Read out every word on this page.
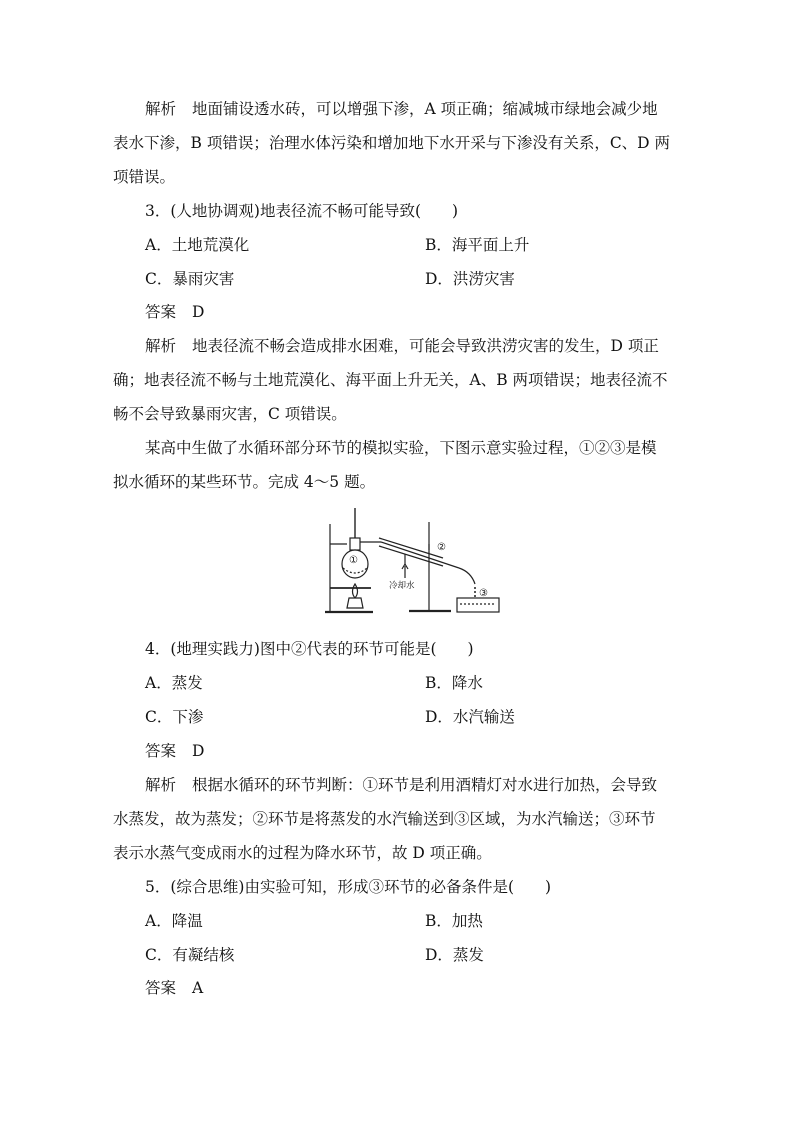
解析 地面铺设透水砖，可以增强下渗，A 项正确；缩减城市绿地会减少地
表水下渗，B 项错误；治理水体污染和增加地下水开采与下渗没有关系，C、D 两
项错误。
3．(人地协调观)地表径流不畅可能导致(　　)
A．土地荒漠化	B．海平面上升
C．暴雨灾害	D．洪涝灾害
答案 D
解析 地表径流不畅会造成排水困难，可能会导致洪涝灾害的发生，D 项正
确；地表径流不畅与土地荒漠化、海平面上升无关，A、B 两项错误；地表径流不
畅不会导致暴雨灾害，C 项错误。
某高中生做了水循环部分环节的模拟实验，下图示意实验过程，①②③是模
拟水循环的某些环节。完成 4～5 题。
①
②
③
冷却水
4．(地理实践力)图中②代表的环节可能是(　　)
A．蒸发	B．降水
C．下渗	D．水汽输送
答案 D
解析 根据水循环的环节判断：①环节是利用酒精灯对水进行加热，会导致
水蒸发，故为蒸发；②环节是将蒸发的水汽输送到③区域，为水汽输送；③环节
表示水蒸气变成雨水的过程为降水环节，故 D 项正确。
5．(综合思维)由实验可知，形成③环节的必备条件是(　　)
A．降温	B．加热
C．有凝结核	D．蒸发
答案 A
